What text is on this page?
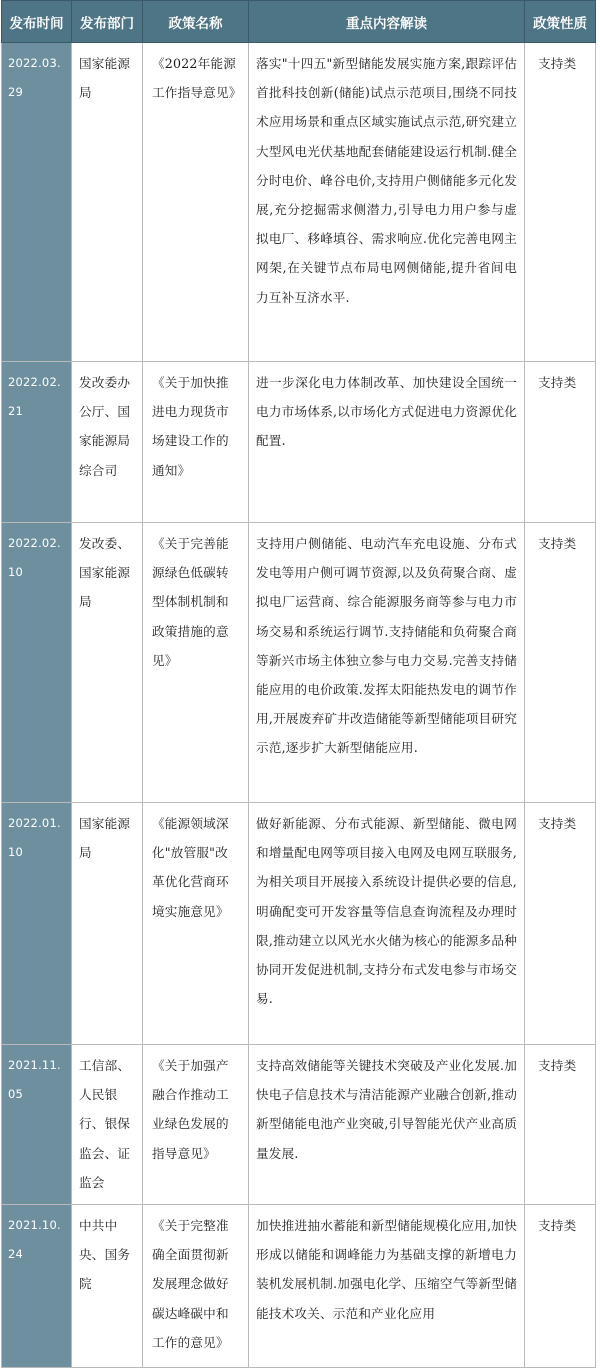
发布时间	发布部门	政策名称	重点内容解读	政策性质
2022.03.29	国家能源局	《2022年能源工作指导意见》	落实"十四五"新型储能发展实施方案,跟踪评估首批科技创新(储能)试点示范项目,围绕不同技术应用场景和重点区域实施试点示范,研究建立大型风电光伏基地配套储能建设运行机制.健全分时电价、峰谷电价,支持用户侧储能多元化发展,充分挖掘需求侧潜力,引导电力用户参与虚拟电厂、移峰填谷、需求响应.优化完善电网主网架,在关键节点布局电网侧储能,提升省间电力互补互济水平.	支持类
2022.02.21	发改委办公厅、国家能源局综合司	《关于加快推进电力现货市场建设工作的通知》	进一步深化电力体制改革、加快建设全国统一电力市场体系,以市场化方式促进电力资源优化配置.	支持类
2022.02.10	发改委、国家能源局	《关于完善能源绿色低碳转型体制机制和政策措施的意见》	支持用户侧储能、电动汽车充电设施、分布式发电等用户侧可调节资源,以及负荷聚合商、虚拟电厂运营商、综合能源服务商等参与电力市场交易和系统运行调节.支持储能和负荷聚合商等新兴市场主体独立参与电力交易.完善支持储能应用的电价政策.发挥太阳能热发电的调节作用,开展废弃矿井改造储能等新型储能项目研究示范,逐步扩大新型储能应用.	支持类
2022.01.10	国家能源局	《能源领域深化"放管服"改革优化营商环境实施意见》	做好新能源、分布式能源、新型储能、微电网和增量配电网等项目接入电网及电网互联服务,为相关项目开展接入系统设计提供必要的信息,明确配变可开发容量等信息查询流程及办理时限,推动建立以风光水火储为核心的能源多品种协同开发促进机制,支持分布式发电参与市场交易.	支持类
2021.11.05	工信部、人民银行、银保监会、证监会	《关于加强产融合作推动工业绿色发展的指导意见》	支持高效储能等关键技术突破及产业化发展.加快电子信息技术与清洁能源产业融合创新,推动新型储能电池产业突破,引导智能光伏产业高质量发展.	支持类
2021.10.24	中共中央、国务院	《关于完整准确全面贯彻新发展理念做好碳达峰碳中和工作的意见》	加快推进抽水蓄能和新型储能规模化应用,加快形成以储能和调峰能力为基础支撑的新增电力装机发展机制.加强电化学、压缩空气等新型储能技术攻关、示范和产业化应用	支持类
